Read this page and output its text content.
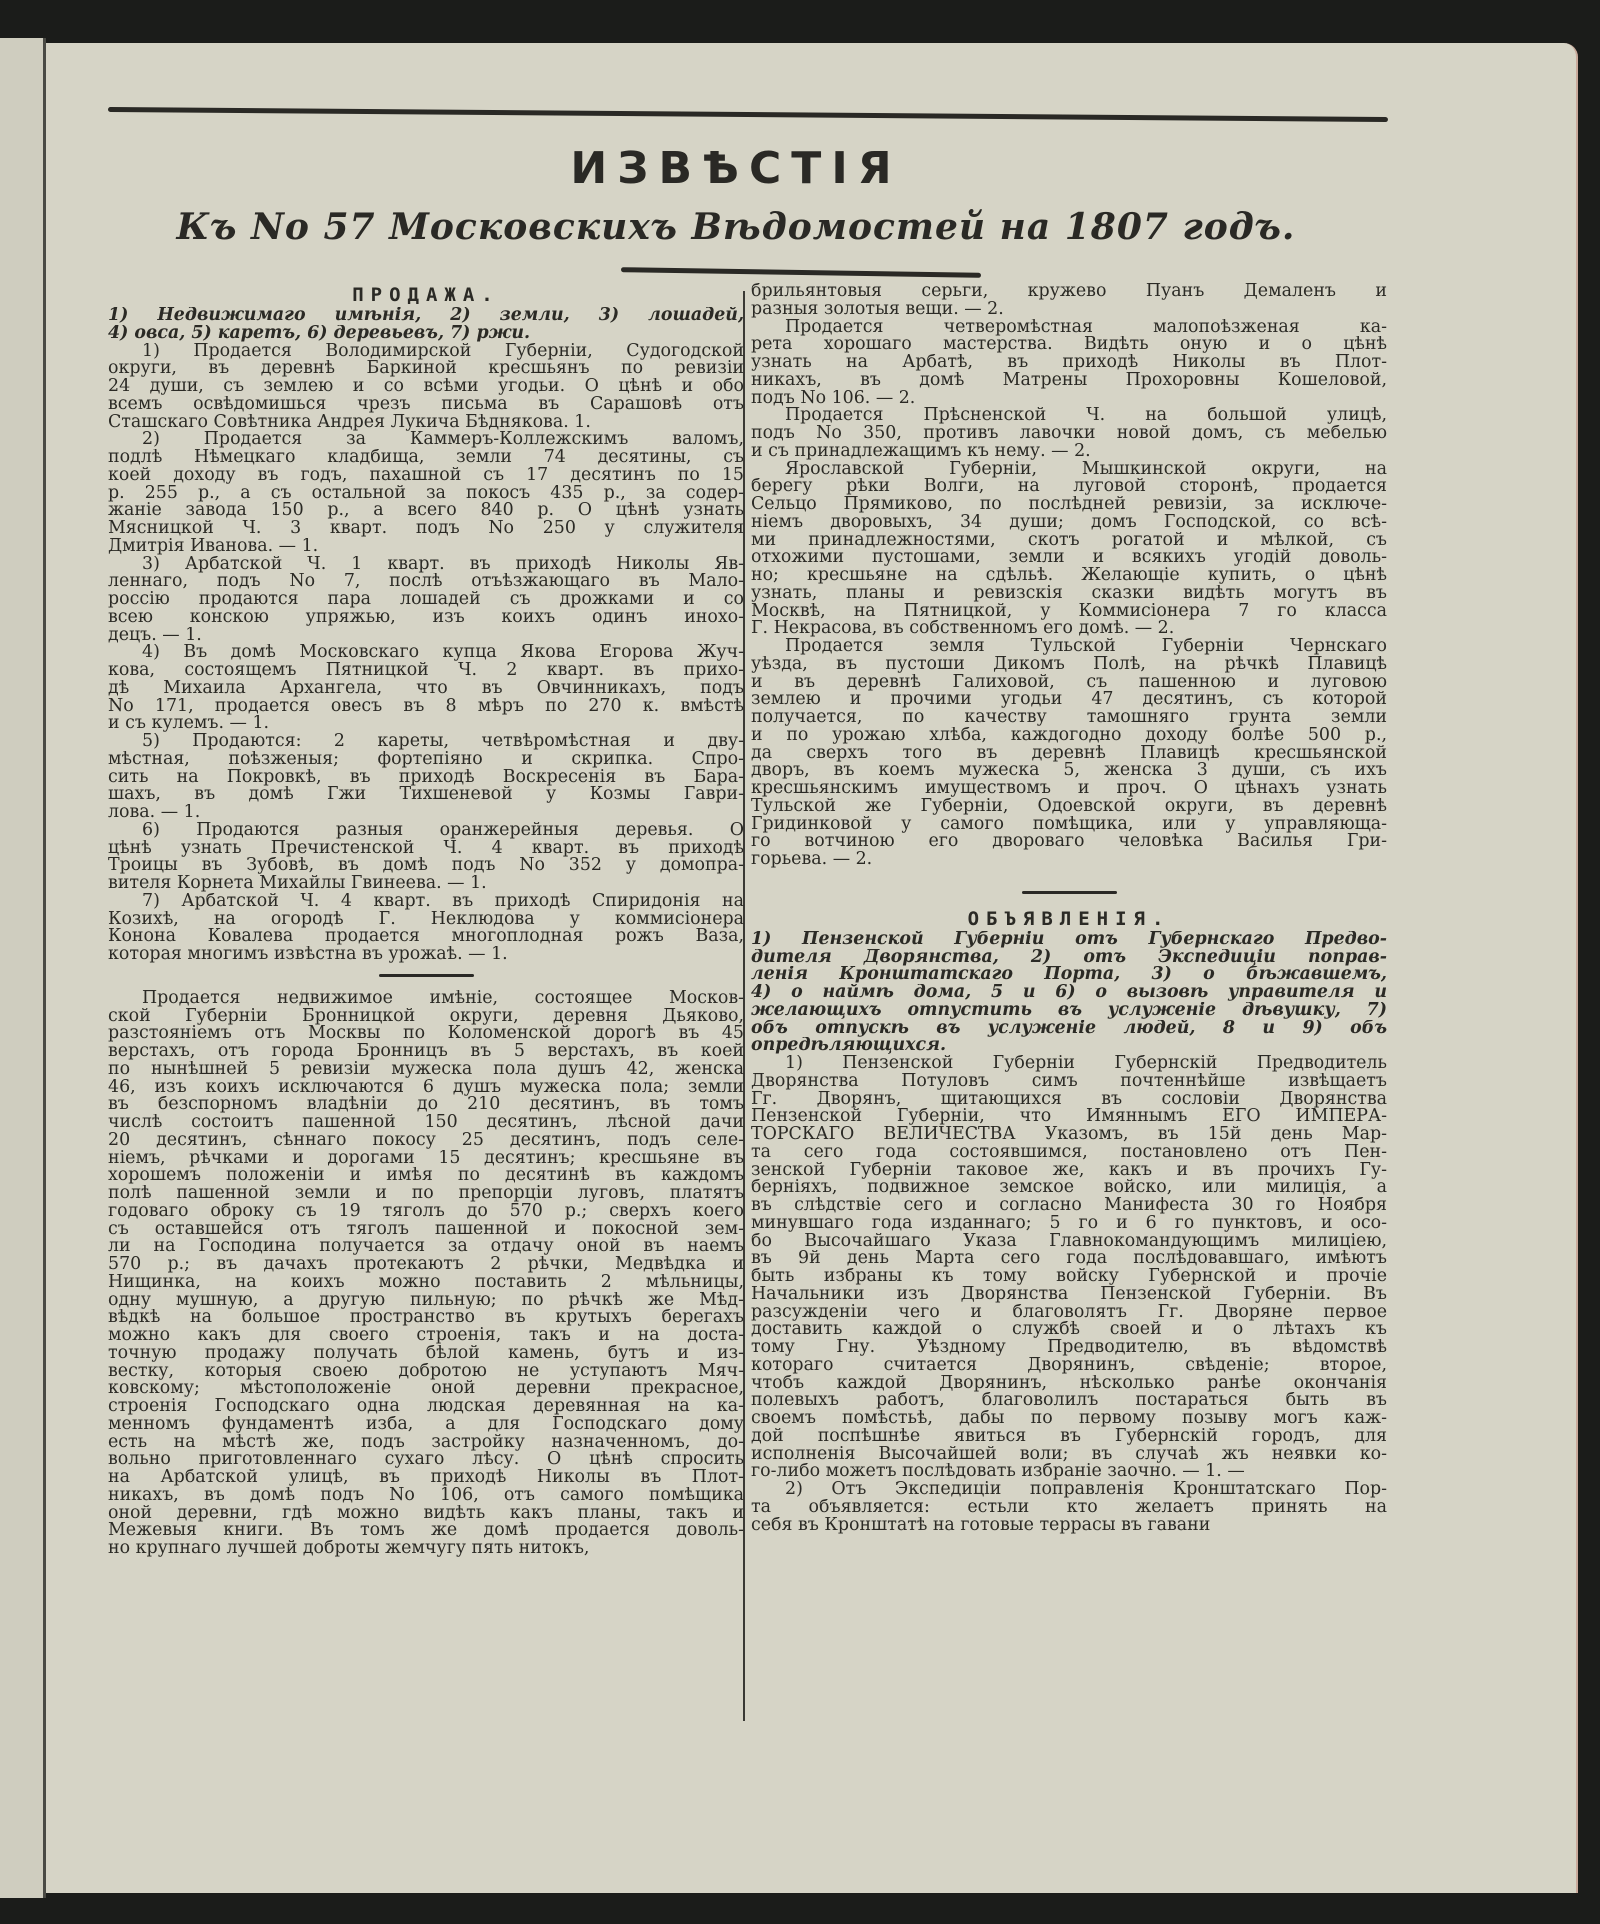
ИЗВѢСТIЯ
Къ No 57 Московскихъ Вѣдомостей на 1807 годъ.
ПРОДАЖА.
1) Недвижимаго имѣнія, 2) земли, 3) лошадей,
4) овса, 5) каретъ, 6) деревьевъ, 7) ржи.
1) Продается Володимирской Губерніи, Судогодской
округи, въ деревнѣ Баркиной кресшьянъ по ревизіи
24 души, съ землею и со всѣми угодьи. О цѣнѣ и обо
всемъ освѣдомишься чрезъ письма въ Сарашовѣ отъ
Сташскаго Совѣтника Андрея Лукича Бѣднякова. 1.
2) Продается за Каммеръ-Коллежскимъ валомъ,
подлѣ Нѣмецкаго кладбища, земли 74 десятины, съ
коей доходу въ годъ, пахашной съ 17 десятинъ по 15
р. 255 р., а съ остальной за покосъ 435 р., за содер-
жаніе завода 150 р., а всего 840 р. О цѣнѣ узнать
Мясницкой Ч. 3 кварт. подъ No 250 у служителя
Дмитрія Иванова. — 1.
3) Арбатской Ч. 1 кварт. въ приходѣ Николы Яв-
леннаго, подъ No 7, послѣ отъѣзжающаго въ Мало-
россію продаются пара лошадей съ дрожками и со
всею конскою упряжью, изъ коихъ одинъ инохо-
децъ. — 1.
4) Въ домѣ Московскаго купца Якова Егорова Жуч-
кова, состоящемъ Пятницкой Ч. 2 кварт. въ прихо-
дѣ Михаила Архангела, что въ Овчинникахъ, подъ
No 171, продается овесъ въ 8 мѣръ по 270 к. вмѣстѣ
и съ кулемъ. — 1.
5) Продаются: 2 кареты, четвѣромѣстная и дву-
мѣстная, поѣзженыя; фортепіяно и скрипка. Спро-
сить на Покровкѣ, въ приходѣ Воскресенія въ Бара-
шахъ, въ домѣ Гжи Тихшеневой у Козмы Гаври-
лова. — 1.
6) Продаются разныя оранжерейныя деревья. О
цѣнѣ узнать Пречистенской Ч. 4 кварт. въ приходѣ
Троицы въ Зубовѣ, въ домѣ подъ No 352 у домопра-
вителя Корнета Михайлы Гвинеева. — 1.
7) Арбатской Ч. 4 кварт. въ приходѣ Спиридонія на
Козихѣ, на огородѣ Г. Неклюдова у коммисіонера
Конона Ковалева продается многоплодная рожъ Ваза,
которая многимъ извѣстна въ урожаѣ. — 1.
Продается недвижимое имѣніе, состоящее Москов-
ской Губерніи Бронницкой округи, деревня Дьяково,
разстояніемъ отъ Москвы по Коломенской дорогѣ въ 45
верстахъ, отъ города Бронницъ въ 5 верстахъ, въ коей
по нынѣшней 5 ревизіи мужеска пола душъ 42, женска
46, изъ коихъ исключаются 6 душъ мужеска пола; земли
въ безспорномъ владѣніи до 210 десятинъ, въ томъ
числѣ состоитъ пашенной 150 десятинъ, лѣсной дачи
20 десятинъ, сѣннаго покосу 25 десятинъ, подъ селе-
ніемъ, рѣчками и дорогами 15 десятинъ; кресшьяне въ
хорошемъ положеніи и имѣя по десятинѣ въ каждомъ
полѣ пашенной земли и по препорціи луговъ, платятъ
годоваго оброку съ 19 тяголъ до 570 р.; сверхъ коего
съ оставшейся отъ тяголъ пашенной и покосной зем-
ли на Господина получается за отдачу оной въ наемъ
570 р.; въ дачахъ протекаютъ 2 рѣчки, Медвѣдка и
Нищинка, на коихъ можно поставить 2 мѣльницы,
одну мушную, а другую пильную; по рѣчкѣ же Мѣд-
вѣдкѣ на большое пространство въ крутыхъ берегахъ
можно какъ для своего строенія, такъ и на доста-
точную продажу получать бѣлой камень, бутъ и из-
вестку, которыя своею добротою не уступаютъ Мяч-
ковскому; мѣстоположеніе оной деревни прекрасное,
строенія Господскаго одна людская деревянная на ка-
менномъ фундаментѣ изба, а для Господскаго дому
есть на мѣстѣ же, подъ застройку назначенномъ, до-
вольно приготовленнаго сухаго лѣсу. О цѣнѣ спросить
на Арбатской улицѣ, въ приходѣ Николы въ Плот-
никахъ, въ домѣ подъ No 106, отъ самого помѣщика
оной деревни, гдѣ можно видѣть какъ планы, такъ и
Межевыя книги. Въ томъ же домѣ продается доволь-
но крупнаго лучшей доброты жемчугу пять нитокъ,
брильянтовыя серьги, кружево Пуанъ Демаленъ и
разныя золотыя вещи. — 2.
Продается четверомѣстная малопоѣзженая ка-
рета хорошаго мастерства. Видѣть оную и о цѣнѣ
узнать на Арбатѣ, въ приходѣ Николы въ Плот-
никахъ, въ домѣ Матрены Прохоровны Кошеловой,
подъ No 106. — 2.
Продается Прѣсненской Ч. на большой улицѣ,
подъ No 350, противъ лавочки новой домъ, съ мебелью
и съ принадлежащимъ къ нему. — 2.
Ярославской Губерніи, Мышкинской округи, на
берегу рѣки Волги, на луговой сторонѣ, продается
Сельцо Прямиково, по послѣдней ревизіи, за исключе-
ніемъ дворовыхъ, 34 души; домъ Господской, со всѣ-
ми принадлежностями, скотъ рогатой и мѣлкой, съ
отхожими пустошами, земли и всякихъ угодій доволь-
но; кресшьяне на сдѣльѣ. Желающіе купить, о цѣнѣ
узнать, планы и ревизскія сказки видѣть могутъ въ
Москвѣ, на Пятницкой, у Коммисіонера 7 го класса
Г. Некрасова, въ собственномъ его домѣ. — 2.
Продается земля Тульской Губерніи Чернскаго
уѣзда, въ пустоши Дикомъ Полѣ, на рѣчкѣ Плавицѣ
и въ деревнѣ Галиховой, съ пашенною и луговою
землею и прочими угодьи 47 десятинъ, съ которой
получается, по качеству тамошняго грунта земли
и по урожаю хлѣба, каждогодно доходу болѣе 500 р.,
да сверхъ того въ деревнѣ Плавицѣ кресшьянской
дворъ, въ коемъ мужеска 5, женска 3 души, съ ихъ
кресшьянскимъ имуществомъ и проч. О цѣнахъ узнать
Тульской же Губерніи, Одоевской округи, въ деревнѣ
Гридинковой у самого помѣщика, или у управляюща-
го вотчиною его двороваго человѣка Василья Гри-
горьева. — 2.
ОБЪЯВЛЕНIЯ.
1) Пензенской Губерніи отъ Губернскаго Предво-
дителя Дворянства, 2) отъ Экспедиціи поправ-
ленія Кронштатскаго Порта, 3) о бѣжавшемъ,
4) о наймѣ дома, 5 и 6) о вызовѣ управителя и
желающихъ отпустить въ услуженіе дѣвушку, 7)
объ отпускѣ въ услуженіе людей, 8 и 9) объ
опредѣляющихся.
1) Пензенской Губерніи Губернскій Предводитель
Дворянства Потуловъ симъ почтеннѣйше извѣщаетъ
Гг. Дворянъ, щитающихся въ сословіи Дворянства
Пензенской Губерніи, что Имяннымъ ЕГО ИМПЕРА-
ТОРСКАГО ВЕЛИЧЕСТВА Указомъ, въ 15й день Мар-
та сего года состоявшимся, постановлено отъ Пен-
зенской Губерніи таковое же, какъ и въ прочихъ Гу-
берніяхъ, подвижное земское войско, или милиція, а
въ слѣдствіе сего и согласно Манифеста 30 го Ноября
минувшаго года изданнаго; 5 го и 6 го пунктовъ, и осо-
бо Высочайшаго Указа Главнокомандующимъ милиціею,
въ 9й день Марта сего года послѣдовавшаго, имѣютъ
быть избраны къ тому войску Губернской и прочіе
Начальники изъ Дворянства Пензенской Губерніи. Въ
разсужденіи чего и благоволятъ Гг. Дворяне первое
доставить каждой о службѣ своей и о лѣтахъ къ
тому Гну. Уѣздному Предводителю, въ вѣдомствѣ
котораго считается Дворянинъ, свѣденіе; второе,
чтобъ каждой Дворянинъ, нѣсколько ранѣе окончанія
полевыхъ работъ, благоволилъ постараться быть въ
своемъ помѣстьѣ, дабы по первому позыву могъ каж-
дой поспѣшнѣе явиться въ Губернскій городъ, для
исполненія Высочайшей воли; въ случаѣ жъ неявки ко-
го-либо можетъ послѣдовать избраніе заочно. — 1. —
2) Отъ Экспедиціи поправленія Кронштатскаго Пор-
та объявляется: естьли кто желаетъ принять на
себя въ Кронштатѣ на готовые террасы въ гавани
